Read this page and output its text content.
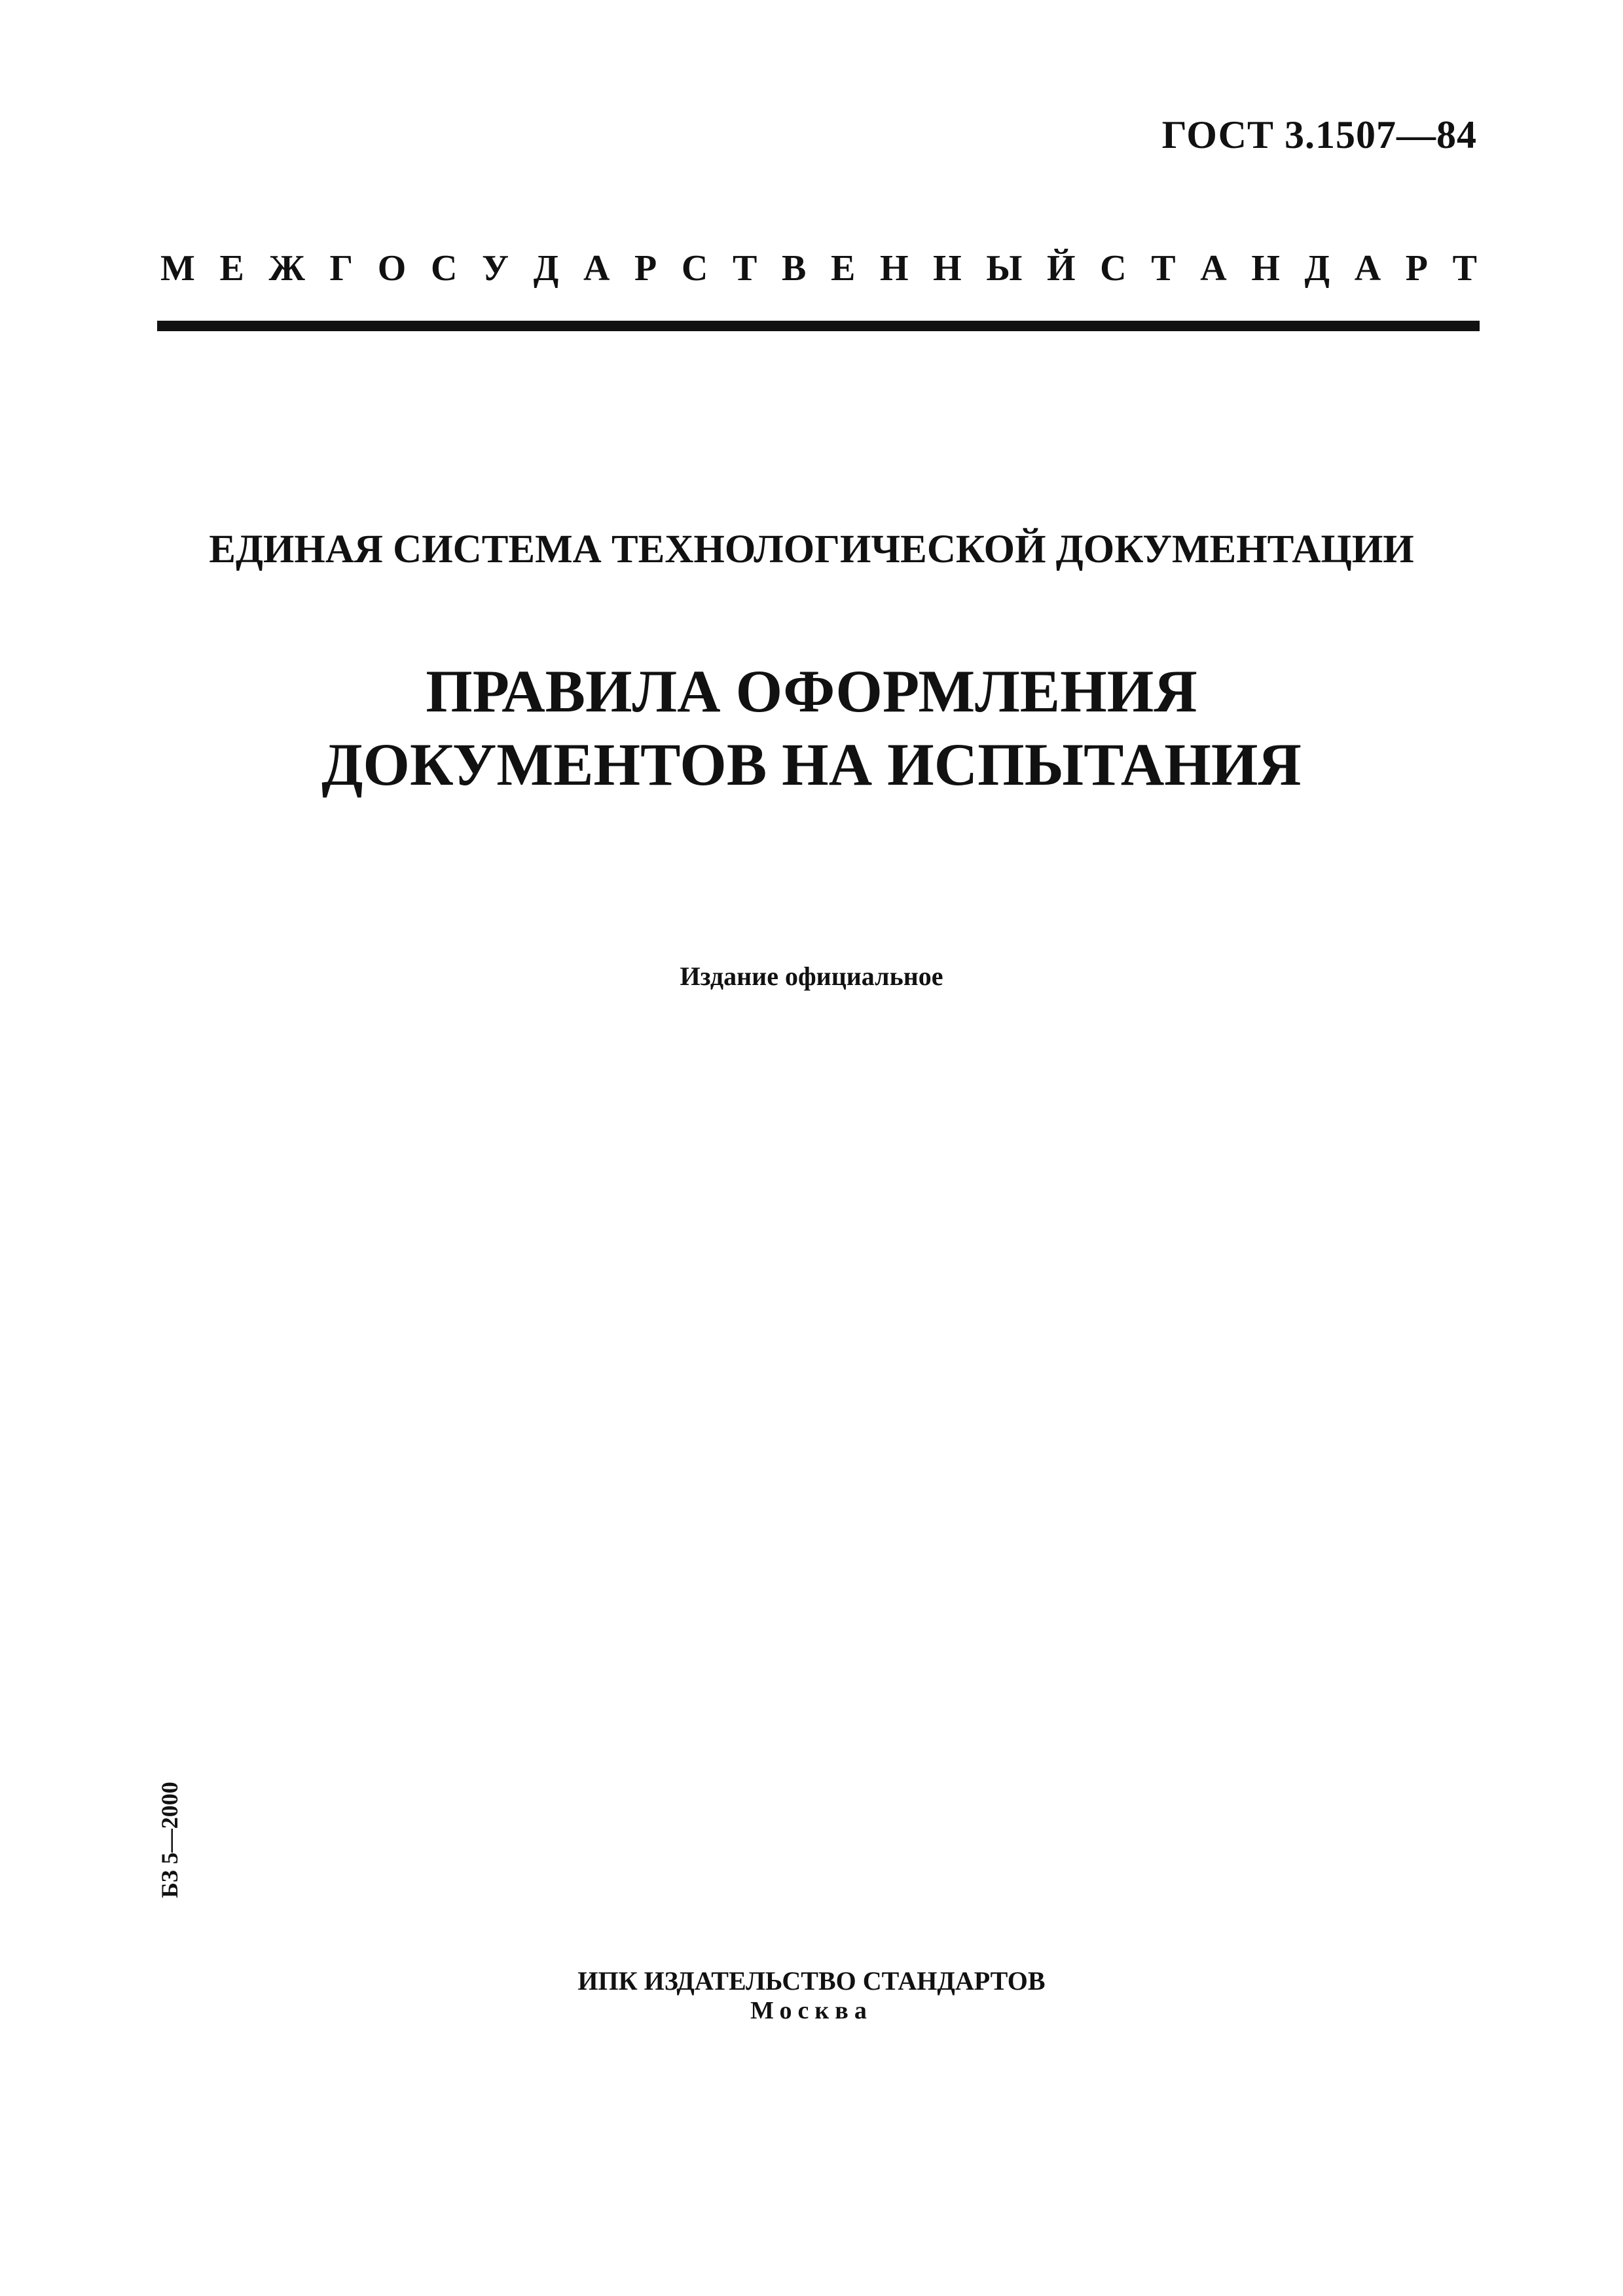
ГОСТ 3.1507—84
М Е Ж Г О С У Д А Р С Т В Е Н Н Ы Й С Т А Н Д А Р Т
ЕДИНАЯ СИСТЕМА ТЕХНОЛОГИЧЕСКОЙ ДОКУМЕНТАЦИИ
ПРАВИЛА ОФОРМЛЕНИЯ
ДОКУМЕНТОВ НА ИСПЫТАНИЯ
Издание официальное
БЗ 5—2000
ИПК ИЗДАТЕЛЬСТВО СТАНДАРТОВ
Москва
